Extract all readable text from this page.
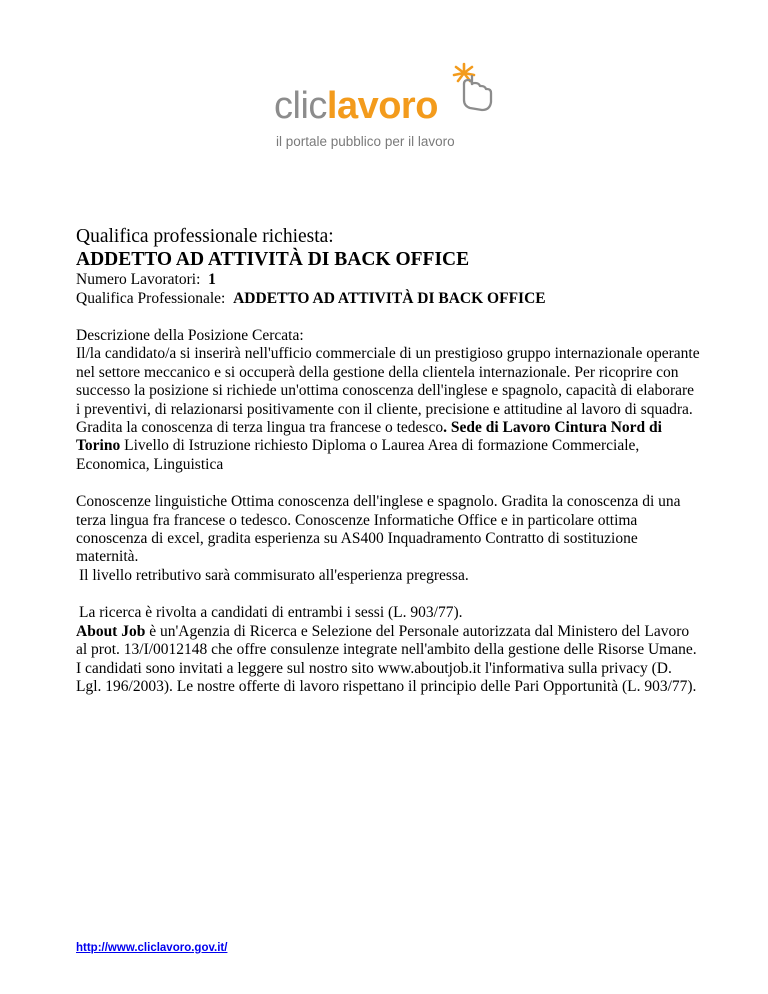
cliclavoro

il portale pubblico per il lavoro

Qualifica professionale richiesta:

ADDETTO AD ATTIVITÀ DI BACK OFFICE

Numero Lavoratori: 1

Qualifica Professionale: ADDETTO AD ATTIVITÀ DI BACK OFFICE

Descrizione della Posizione Cercata:

Il/la candidato/a si inserirà nell'ufficio commerciale di un prestigioso gruppo internazionale operante nel settore meccanico e si occuperà della gestione della clientela internazionale. Per ricoprire con successo la posizione si richiede un'ottima conoscenza dell'inglese e spagnolo, capacità di elaborare i preventivi, di relazionarsi positivamente con il cliente, precisione e attitudine al lavoro di squadra. Gradita la conoscenza di terza lingua tra francese o tedesco. Sede di Lavoro Cintura Nord di Torino Livello di Istruzione richiesto Diploma o Laurea Area di formazione Commerciale, Economica, Linguistica

Conoscenze linguistiche Ottima conoscenza dell'inglese e spagnolo. Gradita la conoscenza di una terza lingua fra francese o tedesco. Conoscenze Informatiche Office e in particolare ottima conoscenza di excel, gradita esperienza su AS400 Inquadramento Contratto di sostituzione maternità.

Il livello retributivo sarà commisurato all'esperienza pregressa.

La ricerca è rivolta a candidati di entrambi i sessi (L. 903/77).

About Job è un'Agenzia di Ricerca e Selezione del Personale autorizzata dal Ministero del Lavoro al prot. 13/I/0012148 che offre consulenze integrate nell'ambito della gestione delle Risorse Umane. I candidati sono invitati a leggere sul nostro sito www.aboutjob.it l'informativa sulla privacy (D. Lgl. 196/2003). Le nostre offerte di lavoro rispettano il principio delle Pari Opportunità (L. 903/77).

http://www.cliclavoro.gov.it/
